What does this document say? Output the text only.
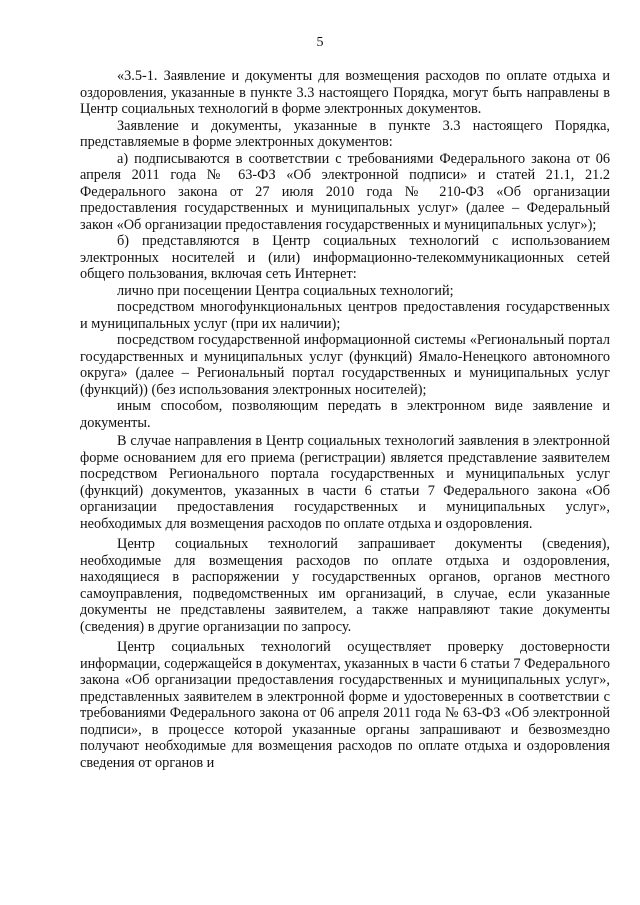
5

«3.5-1. Заявление и документы для возмещения расходов по оплате отдыха и оздоровления, указанные в пункте 3.3 настоящего Порядка, могут быть направлены в Центр социальных технологий в форме электронных документов.

Заявление и документы, указанные в пункте 3.3 настоящего Порядка, представляемые в форме электронных документов:

а) подписываются в соответствии с требованиями Федерального закона от 06 апреля 2011 года № 63-ФЗ «Об электронной подписи» и статей 21.1, 21.2 Федерального закона от 27 июля 2010 года № 210-ФЗ «Об организации предоставления государственных и муниципальных услуг» (далее – Федеральный закон «Об организации предоставления государственных и муниципальных услуг»);

б) представляются в Центр социальных технологий с использованием электронных носителей и (или) информационно-телекоммуникационных сетей общего пользования, включая сеть Интернет:

лично при посещении Центра социальных технологий;

посредством многофункциональных центров предоставления государственных и муниципальных услуг (при их наличии);

посредством государственной информационной системы «Региональный портал государственных и муниципальных услуг (функций) Ямало-Ненецкого автономного округа» (далее – Региональный портал государственных и муниципальных услуг (функций)) (без использования электронных носителей);

иным способом, позволяющим передать в электронном виде заявление и документы.

В случае направления в Центр социальных технологий заявления в электронной форме основанием для его приема (регистрации) является представление заявителем посредством Регионального портала государственных и муниципальных услуг (функций) документов, указанных в части 6 статьи 7 Федерального закона «Об организации предоставления государственных и муниципальных услуг», необходимых для возмещения расходов по оплате отдыха и оздоровления.

Центр социальных технологий запрашивает документы (сведения), необходимые для возмещения расходов по оплате отдыха и оздоровления, находящиеся в распоряжении у государственных органов, органов местного самоуправления, подведомственных им организаций, в случае, если указанные документы не представлены заявителем, а также направляют такие документы (сведения) в другие организации по запросу.

Центр социальных технологий осуществляет проверку достоверности информации, содержащейся в документах, указанных в части 6 статьи 7 Федерального закона «Об организации предоставления государственных и муниципальных услуг», представленных заявителем в электронной форме и удостоверенных в соответствии с требованиями Федерального закона от 06 апреля 2011 года № 63-ФЗ «Об электронной подписи», в процессе которой указанные органы запрашивают и безвозмездно получают необходимые для возмещения расходов по оплате отдыха и оздоровления сведения от органов и
